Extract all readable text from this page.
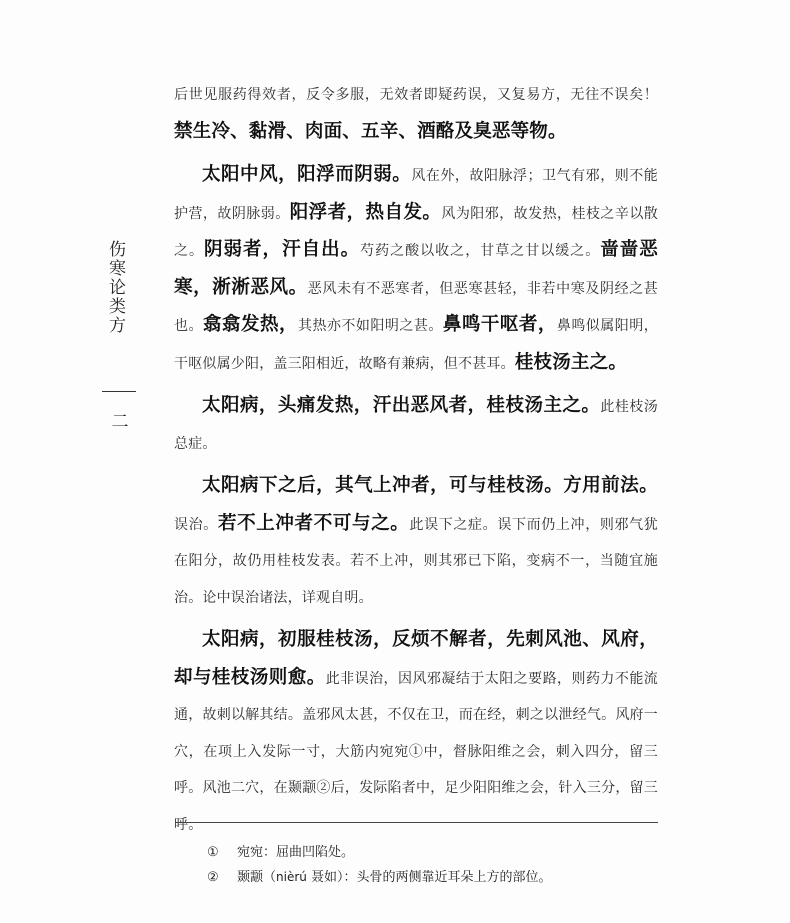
伤寒论类方
二

后世见服药得效者，反令多服，无效者即疑药误，又复易方，无往不误矣！禁生冷、黏滑、肉面、五辛、酒酪及臭恶等物。

太阳中风，阳浮而阴弱。风在外，故阳脉浮；卫气有邪，则不能护营，故阴脉弱。阳浮者，热自发。风为阳邪，故发热，桂枝之辛以散之。阴弱者，汗自出。芍药之酸以收之，甘草之甘以缓之。啬啬恶寒，淅淅恶风。恶风未有不恶寒者，但恶寒甚轻，非若中寒及阴经之甚也。翕翕发热，其热亦不如阳明之甚。鼻鸣干呕者，鼻鸣似属阳明，干呕似属少阳，盖三阳相近，故略有兼病，但不甚耳。桂枝汤主之。

太阳病，头痛发热，汗出恶风者，桂枝汤主之。此桂枝汤总症。

太阳病下之后，其气上冲者，可与桂枝汤。方用前法。误治。若不上冲者不可与之。此误下之症。误下而仍上冲，则邪气犹在阳分，故仍用桂枝发表。若不上冲，则其邪已下陷，变病不一，当随宜施治。论中误治诸法，详观自明。

太阳病，初服桂枝汤，反烦不解者，先刺风池、风府，却与桂枝汤则愈。此非误治，因风邪凝结于太阳之要路，则药力不能流通，故刺以解其结。盖邪风太甚，不仅在卫，而在经，刺之以泄经气。风府一穴，在项上入发际一寸，大筋内宛宛①中，督脉阳维之会，刺入四分，留三呼。风池二穴，在颞颥②后，发际陷者中，足少阳阳维之会，针入三分，留三呼。

① 宛宛：屈曲凹陷处。
② 颞颥（nièrú 聂如）：头骨的两侧靠近耳朵上方的部位。
